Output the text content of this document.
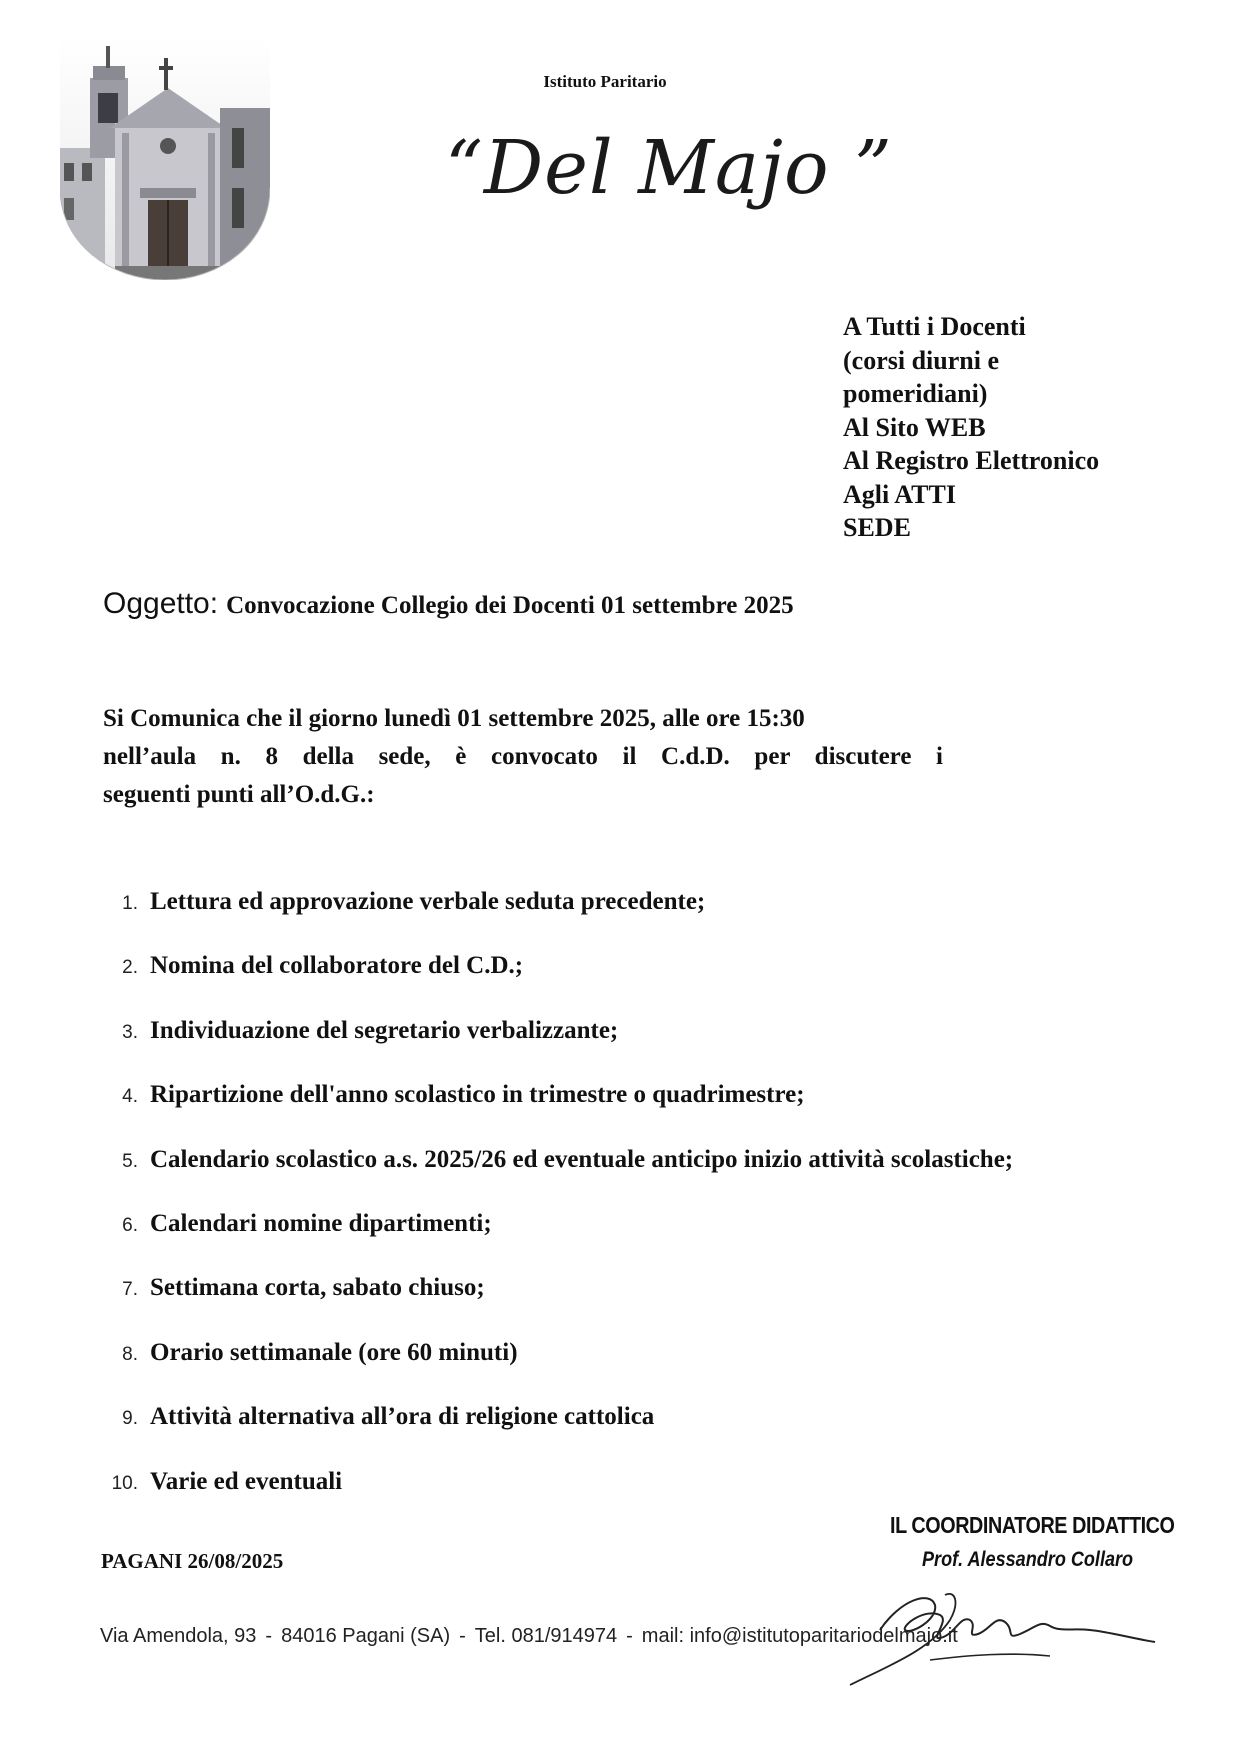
Istituto Paritario
“Del Majo ”
A Tutti i Docenti
(corsi diurni e
pomeridiani)
Al Sito WEB
Al Registro Elettronico
Agli ATTI
SEDE
Oggetto: Convocazione Collegio dei Docenti 01 settembre 2025
Si Comunica che il giorno lunedì 01 settembre 2025, alle ore 15:30
nell’aula n. 8 della sede, è convocato il C.d.D. per discutere i
seguenti punti all’O.d.G.:
1. Lettura ed approvazione verbale seduta precedente;
2. Nomina del collaboratore del C.D.;
3. Individuazione del segretario verbalizzante;
4. Ripartizione dell'anno scolastico in trimestre o quadrimestre;
5. Calendario scolastico a.s. 2025/26 ed eventuale anticipo inizio attività scolastiche;
6. Calendari nomine dipartimenti;
7. Settimana corta, sabato chiuso;
8. Orario settimanale (ore 60 minuti)
9. Attività alternativa all’ora di religione cattolica
10. Varie ed eventuali
PAGANI 26/08/2025
IL COORDINATORE DIDATTICO
Prof. Alessandro Collaro
Via Amendola, 93 - 84016 Pagani (SA) - Tel. 081/914974 - mail: info@istitutoparitariodelmajo.it
